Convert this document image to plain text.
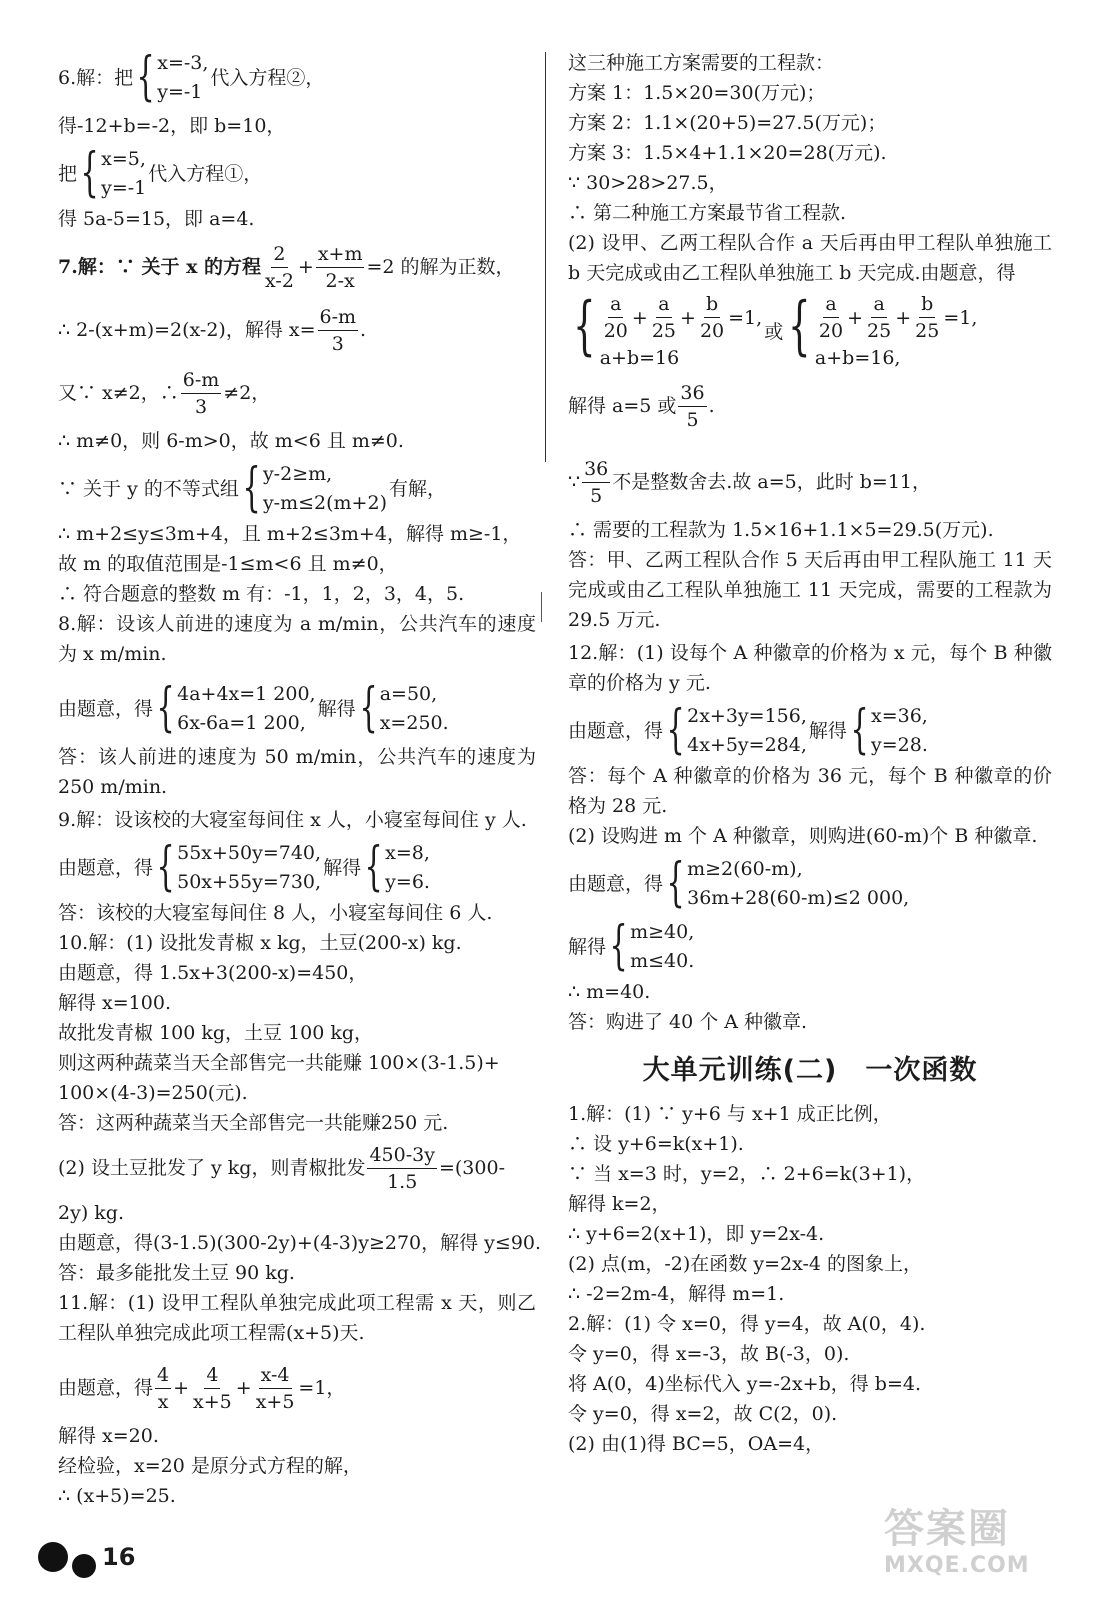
6.解：把 { x=-3,
y=-1
代入方程②，
得-12+b=-2，即 b=10，
把 { x=5,
y=-1
代入方程①，
得 5a-5=15，即 a=4.
7.解：∵ 关于 x 的方程 $\frac{2}{x-2} + \frac{x+m}{2-x} =2$ 的解为正数，
∴ 2-(x+m)=2(x-2)，解得 $x= \frac{6-m}{3}$ .
又∵ x≠2，∴ $\frac{6-m}{3} \ne 2$，
∴ m≠0，则 6-m>0，故 m<6 且 m≠0.
∵ 关于 y 的不等式组 { y-2≥m,
y-m≤2(m+2)
有解，
∴ m+2≤y≤3m+4，且 m+2≤3m+4，解得 m≥-1，
故 m 的取值范围是-1≤m<6 且 m≠0，
∴ 符合题意的整数 m 有：-1，1，2，3，4，5.
8.解：设该人前进的速度为 a m/min，公共汽车的速度为 x m/min.
由题意，得 { 4a+4x=1 200,
6x-6a=1 200,
解得 { a=50,
x=250.
答：该人前进的速度为 50 m/min，公共汽车的速度为 250 m/min.
9.解：设该校的大寝室每间住 x 人，小寝室每间住 y 人.
由题意，得 { 55x+50y=740,
50x+55y=730,
解得 { x=8,
y=6.
答：该校的大寝室每间住 8 人，小寝室每间住 6 人.
10.解：(1) 设批发青椒 x kg，土豆(200-x) kg.
由题意，得 1.5x+3(200-x)=450，
解得 x=100.
故批发青椒 100 kg，土豆 100 kg，
则这两种蔬菜当天全部售完一共能赚 100×(3-1.5)+
100×(4-3)=250(元).
答：这两种蔬菜当天全部售完一共能赚250 元.
(2) 设土豆批发了 y kg，则青椒批发 $\frac{450-3y}{1.5} =(300-$
2y) kg.
由题意，得(3-1.5)(300-2y)+(4-3)y≥270，解得 y≤90.
答：最多能批发土豆 90 kg.
11.解：(1) 设甲工程队单独完成此项工程需 x 天，则乙工程队单独完成此项工程需(x+5)天.
由题意，得 $\frac{4}{x} + \frac{4}{x+5} + \frac{x-4}{x+5} =1$，
解得 x=20.
经检验，x=20 是原分式方程的解，
∴ (x+5)=25.
这三种施工方案需要的工程款：
方案 1：1.5×20=30(万元)；
方案 2：1.1×(20+5)=27.5(万元)；
方案 3：1.5×4+1.1×20=28(万元).
∵ 30>28>27.5，
∴ 第二种施工方案最节省工程款.
(2) 设甲、乙两工程队合作 a 天后再由甲工程队单独施工 b 天完成或由乙工程队单独施工 b 天完成.由题意，得
{ $\frac{a}{20} + \frac{a}{25} + \frac{b}{20} =1$,
a+b=16
或 { $\frac{a}{20} + \frac{a}{25} + \frac{b}{25} =1$,
a+b=16,
解得 a=5 或 $\frac{36}{5}$ .
∵ $\frac{36}{5}$ 不是整数舍去.故 a=5，此时 b=11，
∴ 需要的工程款为 1.5×16+1.1×5=29.5(万元).
答：甲、乙两工程队合作 5 天后再由甲工程队施工 11 天完成或由乙工程队单独施工 11 天完成，需要的工程款为 29.5 万元.
12.解：(1) 设每个 A 种徽章的价格为 x 元，每个 B 种徽章的价格为 y 元.
由题意，得 { 2x+3y=156,
4x+5y=284,
解得 { x=36,
y=28.
答：每个 A 种徽章的价格为 36 元，每个 B 种徽章的价格为 28 元.
(2) 设购进 m 个 A 种徽章，则购进(60-m)个 B 种徽章.
由题意，得 { m≥2(60-m),
36m+28(60-m)≤2 000,
解得 { m≥40,
m≤40.
∴ m=40.
答：购进了 40 个 A 种徽章.
大单元训练(二)　一次函数
1.解：(1) ∵ y+6 与 x+1 成正比例，
∴ 设 y+6=k(x+1).
∵ 当 x=3 时，y=2，∴ 2+6=k(3+1)，
解得 k=2，
∴ y+6=2(x+1)，即 y=2x-4.
(2) 点(m，-2)在函数 y=2x-4 的图象上，
∴ -2=2m-4，解得 m=1.
2.解：(1) 令 x=0，得 y=4，故 A(0，4).
令 y=0，得 x=-3，故 B(-3，0).
将 A(0，4)坐标代入 y=-2x+b，得 b=4.
令 y=0，得 x=2，故 C(2，0).
(2) 由(1)得 BC=5，OA=4，
16
答案圈
MXQE.COM
